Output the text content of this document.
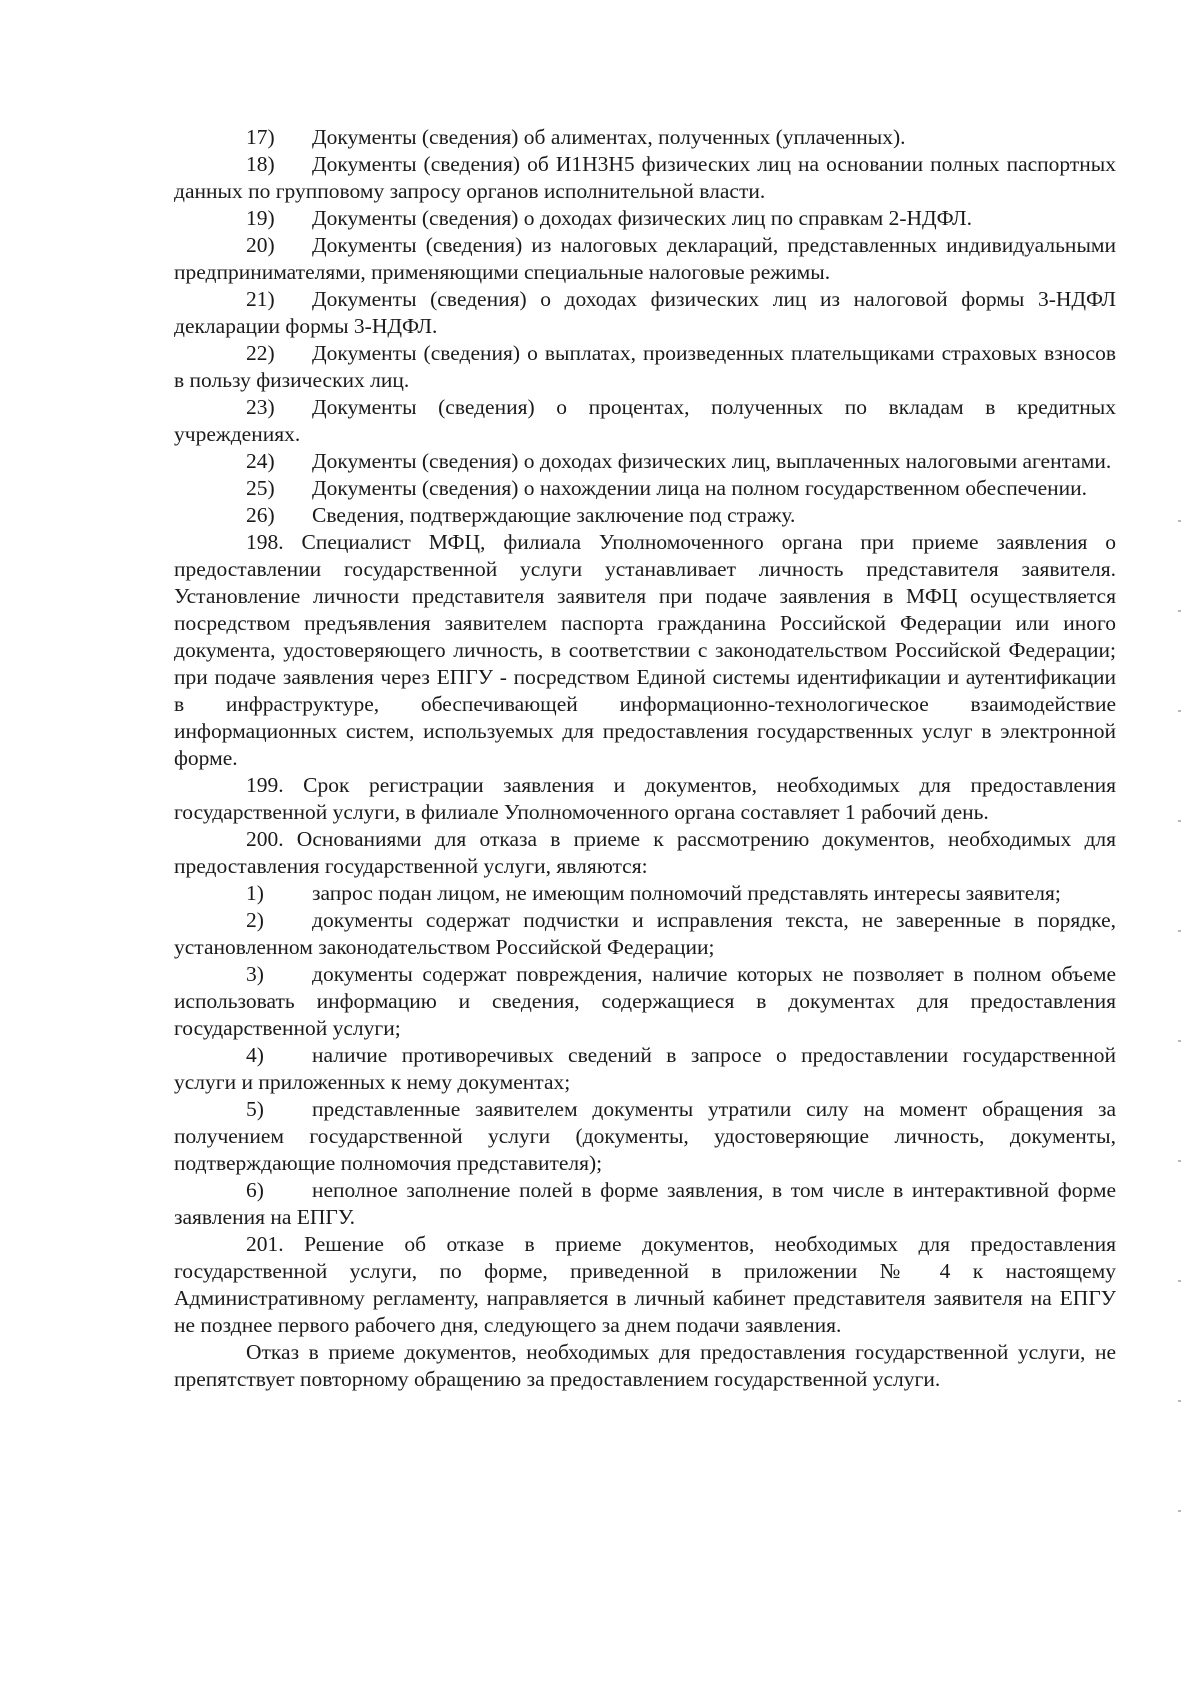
17) Документы (сведения) об алиментах, полученных (уплаченных).

18) Документы (сведения) об И1Н3Н5 физических лиц на основании полных паспортных данных по групповому запросу органов исполнительной власти.

19) Документы (сведения) о доходах физических лиц по справкам 2-НДФЛ.

20) Документы (сведения) из налоговых деклараций, представленных индивидуальными предпринимателями, применяющими специальные налоговые режимы.

21) Документы (сведения) о доходах физических лиц из налоговой формы 3-НДФЛ декларации формы 3-НДФЛ.

22) Документы (сведения) о выплатах, произведенных плательщиками страховых взносов в пользу физических лиц.

23) Документы (сведения) о процентах, полученных по вкладам в кредитных учреждениях.

24) Документы (сведения) о доходах физических лиц, выплаченных налоговыми агентами.

25) Документы (сведения) о нахождении лица на полном государственном обеспечении.

26) Сведения, подтверждающие заключение под стражу.

198. Специалист МФЦ, филиала Уполномоченного органа при приеме заявления о предоставлении государственной услуги устанавливает личность представителя заявителя. Установление личности представителя заявителя при подаче заявления в МФЦ осуществляется посредством предъявления заявителем паспорта гражданина Российской Федерации или иного документа, удостоверяющего личность, в соответствии с законодательством Российской Федерации; при подаче заявления через ЕПГУ - посредством Единой системы идентификации и аутентификации в инфраструктуре, обеспечивающей информационно-технологическое взаимодействие информационных систем, используемых для предоставления государственных услуг в электронной форме.

199. Срок регистрации заявления и документов, необходимых для предоставления государственной услуги, в филиале Уполномоченного органа составляет 1 рабочий день.

200. Основаниями для отказа в приеме к рассмотрению документов, необходимых для предоставления государственной услуги, являются:

1) запрос подан лицом, не имеющим полномочий представлять интересы заявителя;

2) документы содержат подчистки и исправления текста, не заверенные в порядке, установленном законодательством Российской Федерации;

3) документы содержат повреждения, наличие которых не позволяет в полном объеме использовать информацию и сведения, содержащиеся в документах для предоставления государственной услуги;

4) наличие противоречивых сведений в запросе о предоставлении государственной услуги и приложенных к нему документах;

5) представленные заявителем документы утратили силу на момент обращения за получением государственной услуги (документы, удостоверяющие личность, документы, подтверждающие полномочия представителя);

6) неполное заполнение полей в форме заявления, в том числе в интерактивной форме заявления на ЕПГУ.

201. Решение об отказе в приеме документов, необходимых для предоставления государственной услуги, по форме, приведенной в приложении № 4 к настоящему Административному регламенту, направляется в личный кабинет представителя заявителя на ЕПГУ не позднее первого рабочего дня, следующего за днем подачи заявления.

Отказ в приеме документов, необходимых для предоставления государственной услуги, не препятствует повторному обращению за предоставлением государственной услуги.
